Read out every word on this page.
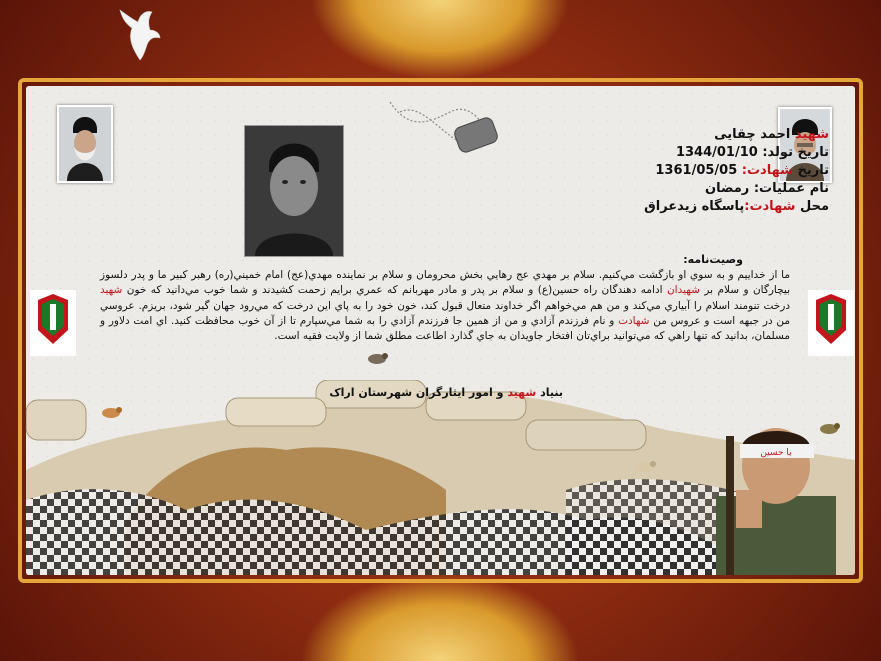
یا حسین
شهید احمد چقایی
تاریخ تولد: 1344/01/10
تاریخ شهادت: 1361/05/05
نام عملیات: رمضان
محل شهادت:پاسگاه زیدعراق
وصيت‌نامه:
ما از خداييم و به سوي او بازگشت مي‌كنيم. سلام بر مهدي عج رهايي بخش محرومان و سلام بر نماينده مهدي(عج) امام خميني(ره) رهبر كبير ما و پدر دلسوز بيچارگان و سلام بر شهيدان ادامه دهندگان راه حسين(ع) و سلام بر پدر و مادر مهربانم كه عمري برايم زحمت كشيدند و شما خوب مي‌دانيد كه خون شهيد درخت تنومند اسلام را آبياري مي‌كند و من هم مي‌خواهم اگر خداوند متعال قبول كند، خون خود را به پاي اين درخت كه مي‌رود جهان گير شود، بريزم. عروسي من در جبهه است و عروس من شهادت و نام فرزندم آزادي و من از همين جا فرزندم آزادي را به شما مي‌سپارم تا از آن خوب محافظت كنيد. اي امت دلاور و مسلمان، بدانيد كه تنها راهي كه مي‌توانيد براي‌تان افتخار جاويدان به جاي گذارد اطاعت مطلق شما از ولايت فقيه است.
بنیاد شهید و امور ایثارگران شهرستان اراک
